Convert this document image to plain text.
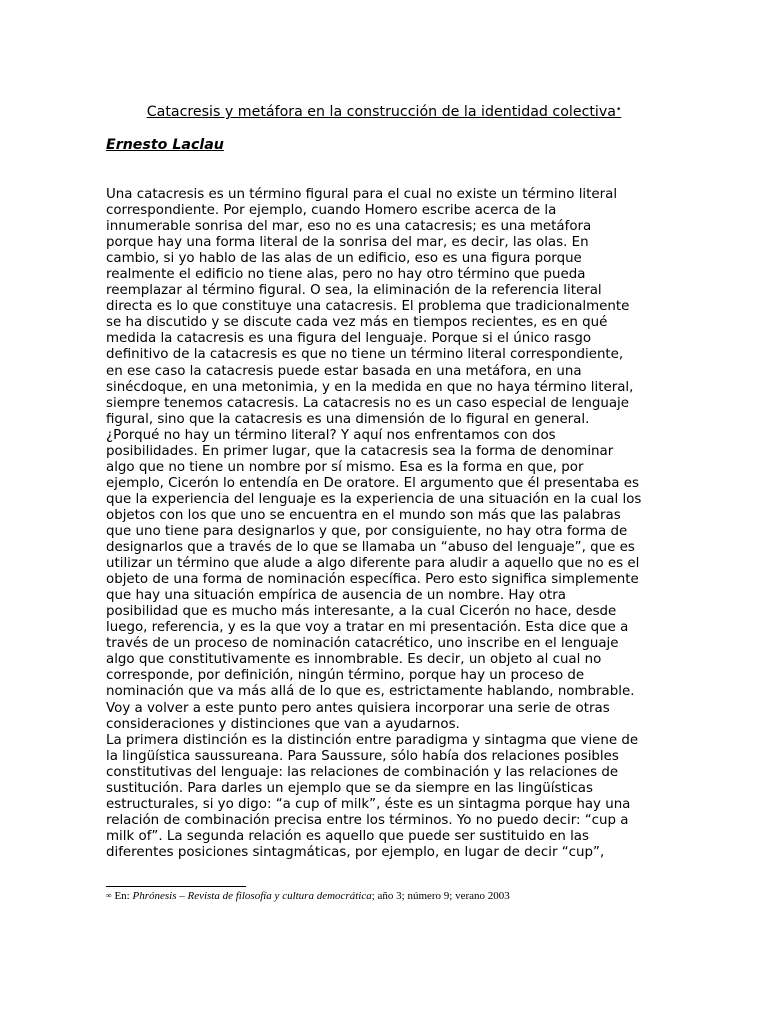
Catacresis y metáfora en la construcción de la identidad colectiva•

Ernesto Laclau

Una catacresis es un término figural para el cual no existe un término literal
correspondiente. Por ejemplo, cuando Homero escribe acerca de la
innumerable sonrisa del mar, eso no es una catacresis; es una metáfora
porque hay una forma literal de la sonrisa del mar, es decir, las olas. En
cambio, si yo hablo de las alas de un edificio, eso es una figura porque
realmente el edificio no tiene alas, pero no hay otro término que pueda
reemplazar al término figural. O sea, la eliminación de la referencia literal
directa es lo que constituye una catacresis. El problema que tradicionalmente
se ha discutido y se discute cada vez más en tiempos recientes, es en qué
medida la catacresis es una figura del lenguaje. Porque si el único rasgo
definitivo de la catacresis es que no tiene un término literal correspondiente,
en ese caso la catacresis puede estar basada en una metáfora, en una
sinécdoque, en una metonimia, y en la medida en que no haya término literal,
siempre tenemos catacresis. La catacresis no es un caso especial de lenguaje
figural, sino que la catacresis es una dimensión de lo figural en general.
¿Porqué no hay un término literal? Y aquí nos enfrentamos con dos
posibilidades. En primer lugar, que la catacresis sea la forma de denominar
algo que no tiene un nombre por sí mismo. Esa es la forma en que, por
ejemplo, Cicerón lo entendía en De oratore. El argumento que él presentaba es
que la experiencia del lenguaje es la experiencia de una situación en la cual los
objetos con los que uno se encuentra en el mundo son más que las palabras
que uno tiene para designarlos y que, por consiguiente, no hay otra forma de
designarlos que a través de lo que se llamaba un “abuso del lenguaje”, que es
utilizar un término que alude a algo diferente para aludir a aquello que no es el
objeto de una forma de nominación específica. Pero esto significa simplemente
que hay una situación empírica de ausencia de un nombre. Hay otra
posibilidad que es mucho más interesante, a la cual Cicerón no hace, desde
luego, referencia, y es la que voy a tratar en mi presentación. Esta dice que a
través de un proceso de nominación catacrético, uno inscribe en el lenguaje
algo que constitutivamente es innombrable. Es decir, un objeto al cual no
corresponde, por definición, ningún término, porque hay un proceso de
nominación que va más allá de lo que es, estrictamente hablando, nombrable.
Voy a volver a este punto pero antes quisiera incorporar una serie de otras
consideraciones y distinciones que van a ayudarnos.
La primera distinción es la distinción entre paradigma y sintagma que viene de
la lingüística saussureana. Para Saussure, sólo había dos relaciones posibles
constitutivas del lenguaje: las relaciones de combinación y las relaciones de
sustitución. Para darles un ejemplo que se da siempre en las lingüísticas
estructurales, si yo digo: “a cup of milk”, éste es un sintagma porque hay una
relación de combinación precisa entre los términos. Yo no puedo decir: “cup a
milk of”. La segunda relación es aquello que puede ser sustituido en las
diferentes posiciones sintagmáticas, por ejemplo, en lugar de decir “cup”,

∞ En: Phrónesis – Revista de filosofía y cultura democrática; año 3; número 9; verano 2003
